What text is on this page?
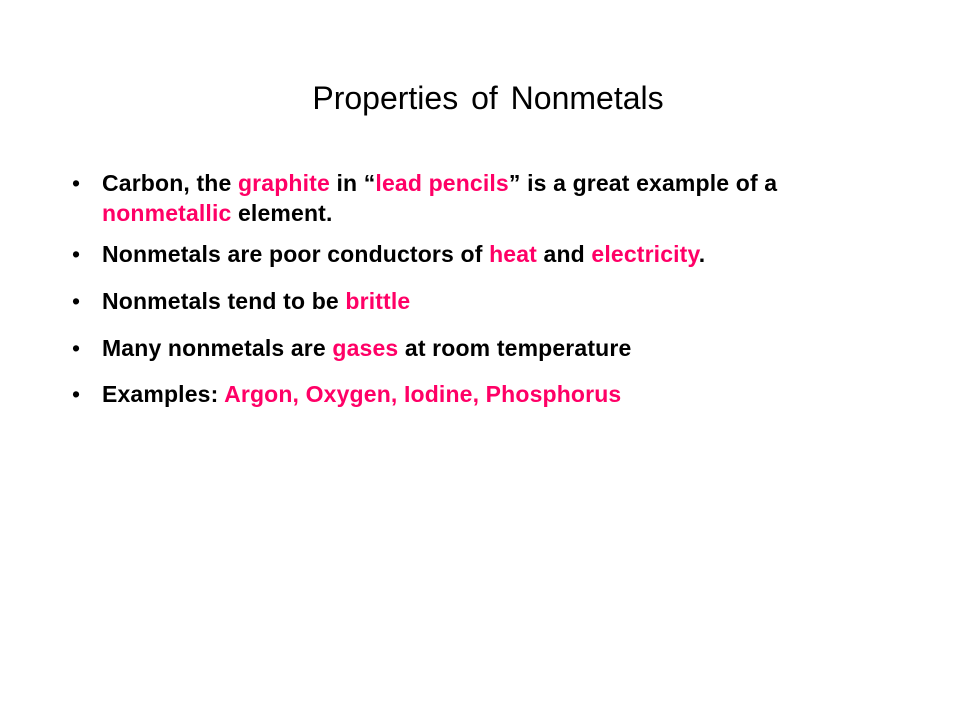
Properties of Nonmetals
• Carbon, the graphite in “lead pencils” is a great example of a nonmetallic element.
• Nonmetals are poor conductors of heat and electricity.
• Nonmetals tend to be brittle
• Many nonmetals are gases at room temperature
• Examples: Argon, Oxygen, Iodine, Phosphorus
